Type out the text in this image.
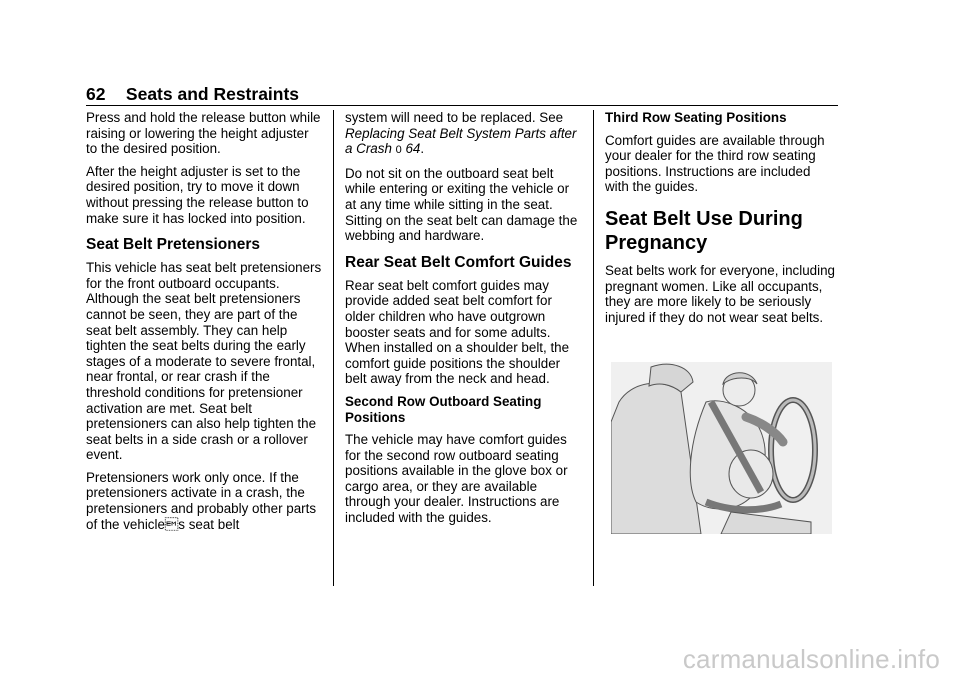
62 Seats and Restraints

Press and hold the release button while raising or lowering the height adjuster to the desired position.

After the height adjuster is set to the desired position, try to move it down without pressing the release button to make sure it has locked into position.

Seat Belt Pretensioners

This vehicle has seat belt pretensioners for the front outboard occupants. Although the seat belt pretensioners cannot be seen, they are part of the seat belt assembly. They can help tighten the seat belts during the early stages of a moderate to severe frontal, near frontal, or rear crash if the threshold conditions for pretensioner activation are met. Seat belt pretensioners can also help tighten the seat belts in a side crash or a rollover event.

Pretensioners work only once. If the pretensioners activate in a crash, the pretensioners and probably other parts of the vehicles seat belt

system will need to be replaced. See Replacing Seat Belt System Parts after a Crash 0 64.

Do not sit on the outboard seat belt while entering or exiting the vehicle or at any time while sitting in the seat. Sitting on the seat belt can damage the webbing and hardware.

Rear Seat Belt Comfort Guides

Rear seat belt comfort guides may provide added seat belt comfort for older children who have outgrown booster seats and for some adults. When installed on a shoulder belt, the comfort guide positions the shoulder belt away from the neck and head.

Second Row Outboard Seating Positions

The vehicle may have comfort guides for the second row outboard seating positions available in the glove box or cargo area, or they are available through your dealer. Instructions are included with the guides.

Third Row Seating Positions

Comfort guides are available through your dealer for the third row seating positions. Instructions are included with the guides.

Seat Belt Use During Pregnancy

Seat belts work for everyone, including pregnant women. Like all occupants, they are more likely to be seriously injured if they do not wear seat belts.

carmanualsonline.info
